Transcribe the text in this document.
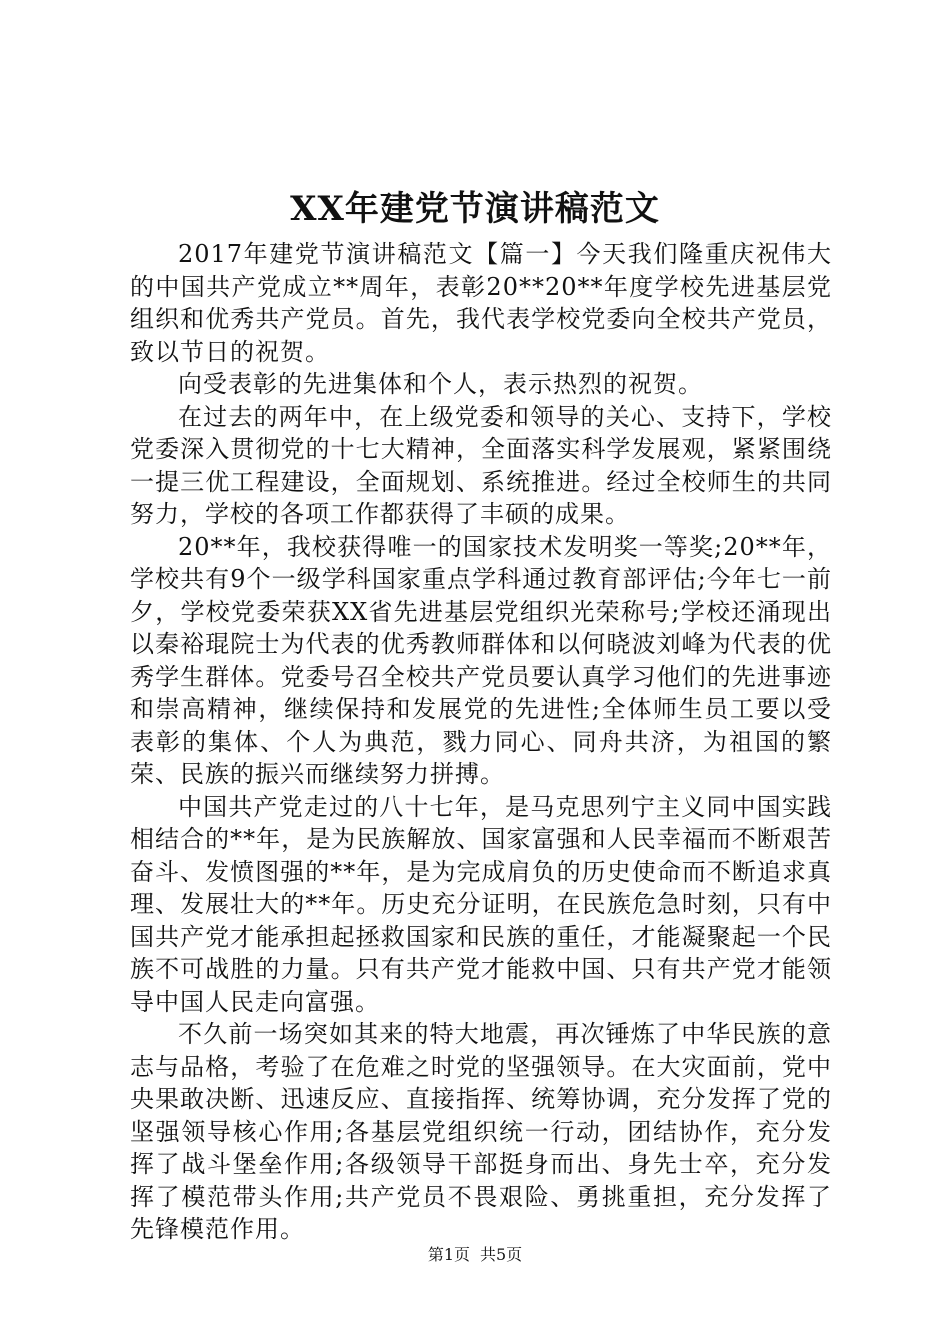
XX年建党节演讲稿范文

2017年建党节演讲稿范文【篇一】今天我们隆重庆祝伟大的中国共产党成立**周年，表彰20**20**年度学校先进基层党组织和优秀共产党员。首先，我代表学校党委向全校共产党员，致以节日的祝贺。

向受表彰的先进集体和个人，表示热烈的祝贺。

在过去的两年中，在上级党委和领导的关心、支持下，学校党委深入贯彻党的十七大精神，全面落实科学发展观，紧紧围绕一提三优工程建设，全面规划、系统推进。经过全校师生的共同努力，学校的各项工作都获得了丰硕的成果。

20**年，我校获得唯一的国家技术发明奖一等奖;20**年，学校共有9个一级学科国家重点学科通过教育部评估;今年七一前夕，学校党委荣获XX省先进基层党组织光荣称号;学校还涌现出以秦裕琨院士为代表的优秀教师群体和以何晓波刘峰为代表的优秀学生群体。党委号召全校共产党员要认真学习他们的先进事迹和崇高精神，继续保持和发展党的先进性;全体师生员工要以受表彰的集体、个人为典范，戮力同心、同舟共济，为祖国的繁荣、民族的振兴而继续努力拼搏。

中国共产党走过的八十七年，是马克思列宁主义同中国实践相结合的**年，是为民族解放、国家富强和人民幸福而不断艰苦奋斗、发愤图强的**年，是为完成肩负的历史使命而不断追求真理、发展壮大的**年。历史充分证明，在民族危急时刻，只有中国共产党才能承担起拯救国家和民族的重任，才能凝聚起一个民族不可战胜的力量。只有共产党才能救中国、只有共产党才能领导中国人民走向富强。

不久前一场突如其来的特大地震，再次锤炼了中华民族的意志与品格，考验了在危难之时党的坚强领导。在大灾面前，党中央果敢决断、迅速反应、直接指挥、统筹协调，充分发挥了党的坚强领导核心作用;各基层党组织统一行动，团结协作，充分发挥了战斗堡垒作用;各级领导干部挺身而出、身先士卒，充分发挥了模范带头作用;共产党员不畏艰险、勇挑重担，充分发挥了先锋模范作用。

第1页 共5页
